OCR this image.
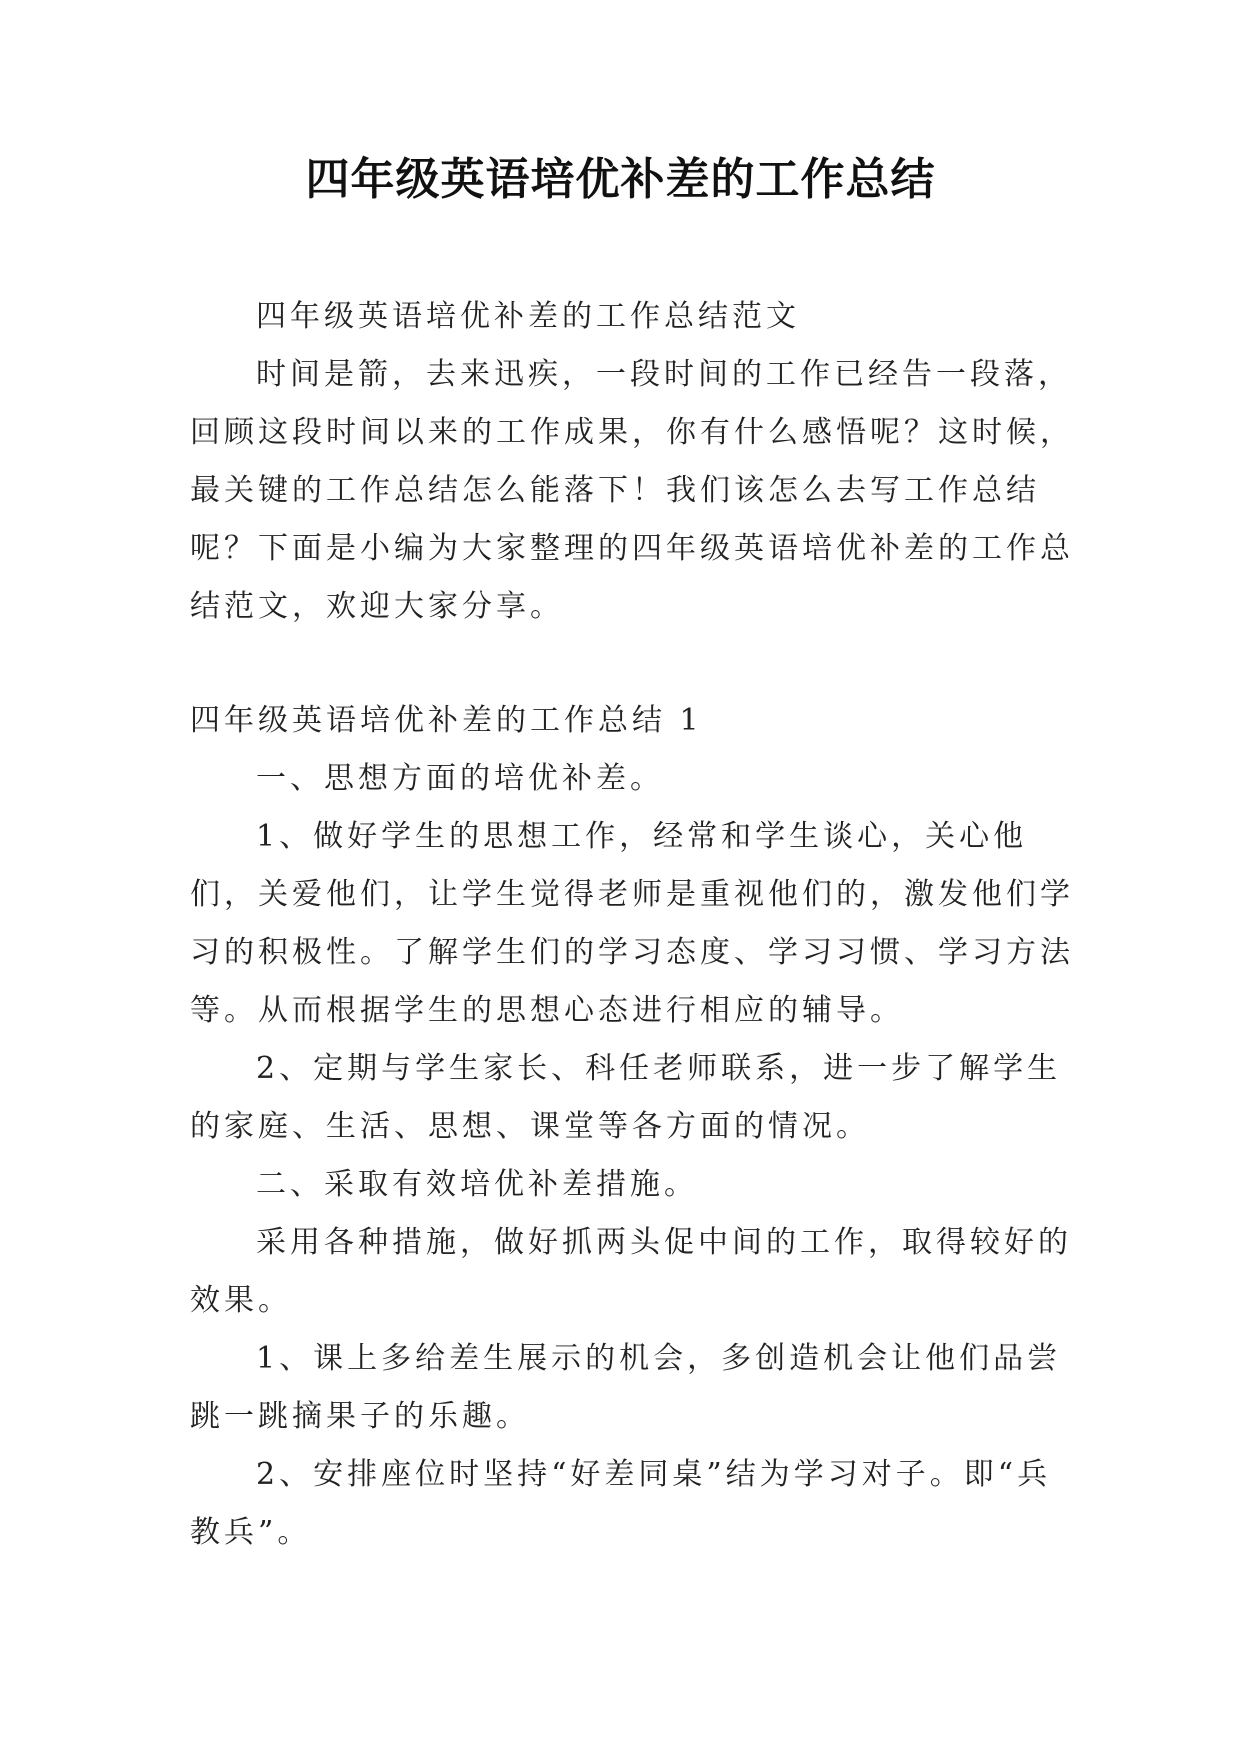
四年级英语培优补差的工作总结

四年级英语培优补差的工作总结范文

时间是箭，去来迅疾，一段时间的工作已经告一段落，回顾这段时间以来的工作成果，你有什么感悟呢？这时候，最关键的工作总结怎么能落下！我们该怎么去写工作总结呢？下面是小编为大家整理的四年级英语培优补差的工作总结范文，欢迎大家分享。

四年级英语培优补差的工作总结 1

一、思想方面的培优补差。

1、做好学生的思想工作，经常和学生谈心，关心他们，关爱他们，让学生觉得老师是重视他们的，激发他们学习的积极性。了解学生们的学习态度、学习习惯、学习方法等。从而根据学生的思想心态进行相应的辅导。

2、定期与学生家长、科任老师联系，进一步了解学生的家庭、生活、思想、课堂等各方面的情况。

二、采取有效培优补差措施。

采用各种措施，做好抓两头促中间的工作，取得较好的效果。

1、课上多给差生展示的机会，多创造机会让他们品尝跳一跳摘果子的乐趣。

2、安排座位时坚持“好差同桌”结为学习对子。即“兵教兵”。
